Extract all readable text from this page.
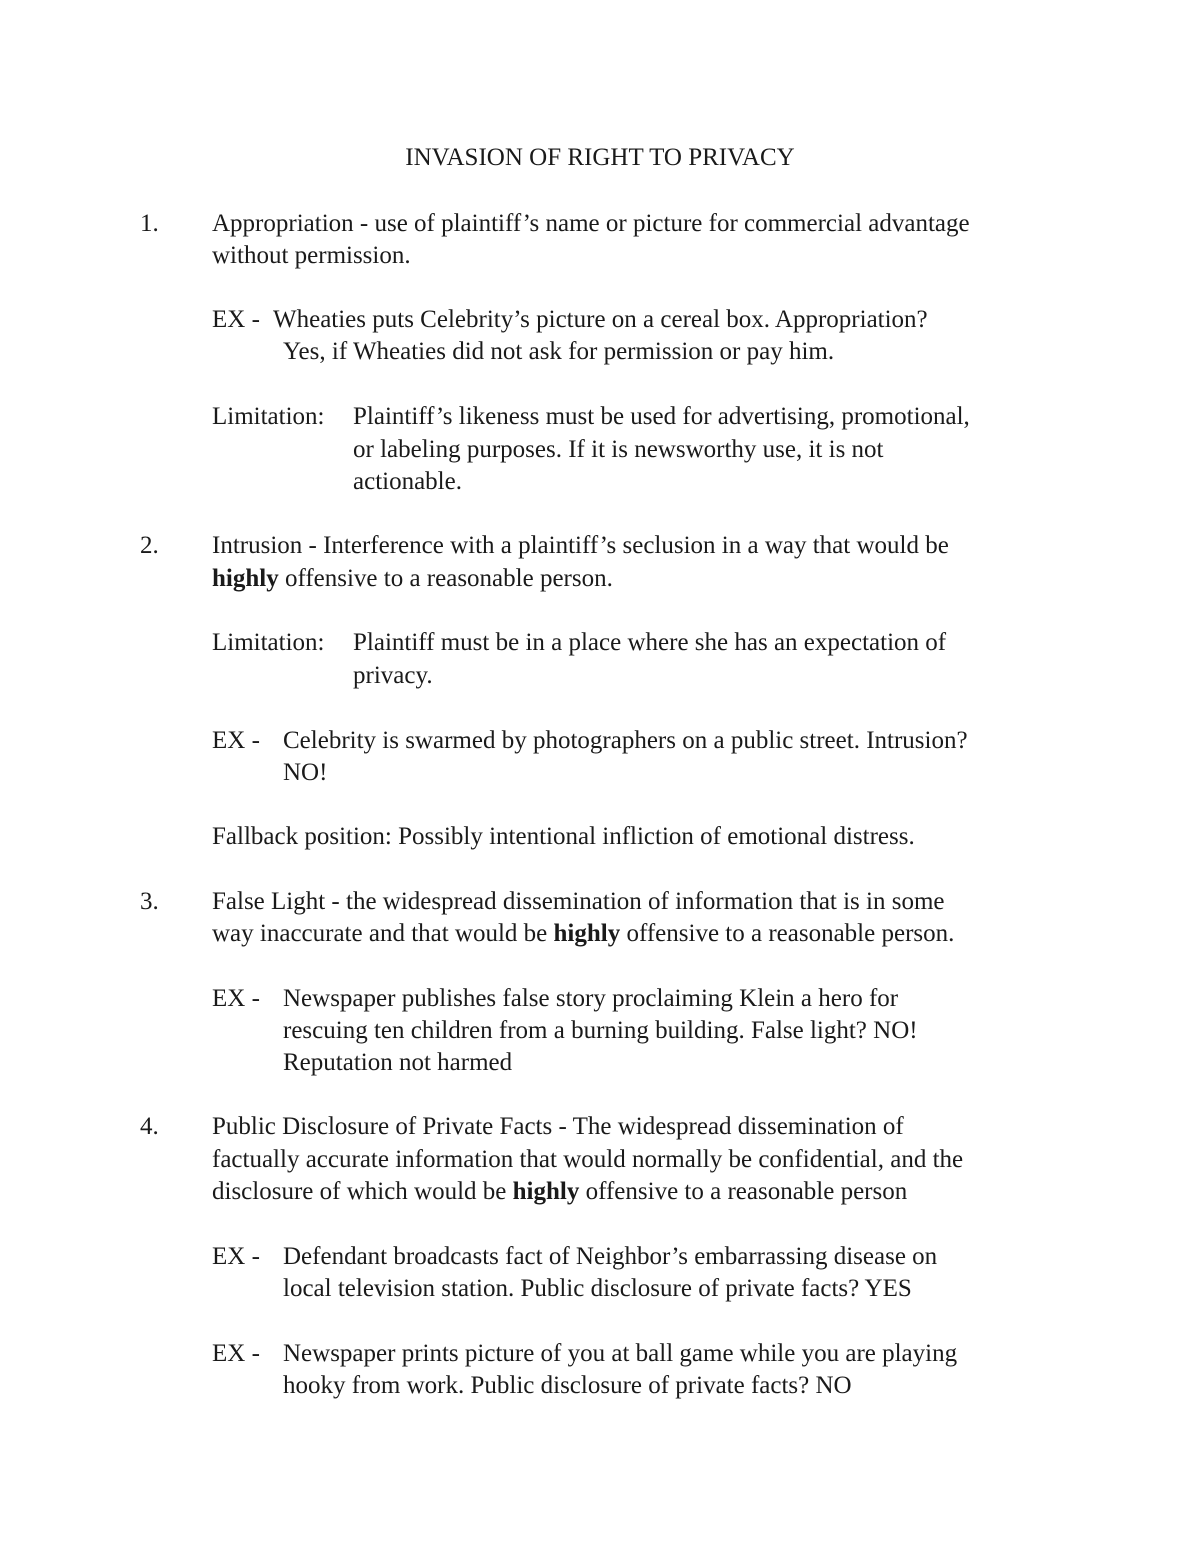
INVASION OF RIGHT TO PRIVACY
1. Appropriation - use of plaintiff’s name or picture for commercial advantage
without permission.
EX - Wheaties puts Celebrity’s picture on a cereal box. Appropriation?
Yes, if Wheaties did not ask for permission or pay him.
Limitation: Plaintiff’s likeness must be used for advertising, promotional,
or labeling purposes. If it is newsworthy use, it is not
actionable.
2. Intrusion - Interference with a plaintiff’s seclusion in a way that would be
highly offensive to a reasonable person.
Limitation: Plaintiff must be in a place where she has an expectation of
privacy.
EX - Celebrity is swarmed by photographers on a public street. Intrusion?
NO!
Fallback position: Possibly intentional infliction of emotional distress.
3. False Light - the widespread dissemination of information that is in some
way inaccurate and that would be highly offensive to a reasonable person.
EX - Newspaper publishes false story proclaiming Klein a hero for
rescuing ten children from a burning building. False light? NO!
Reputation not harmed
4. Public Disclosure of Private Facts - The widespread dissemination of
factually accurate information that would normally be confidential, and the
disclosure of which would be highly offensive to a reasonable person
EX - Defendant broadcasts fact of Neighbor’s embarrassing disease on
local television station. Public disclosure of private facts? YES
EX - Newspaper prints picture of you at ball game while you are playing
hooky from work. Public disclosure of private facts? NO
